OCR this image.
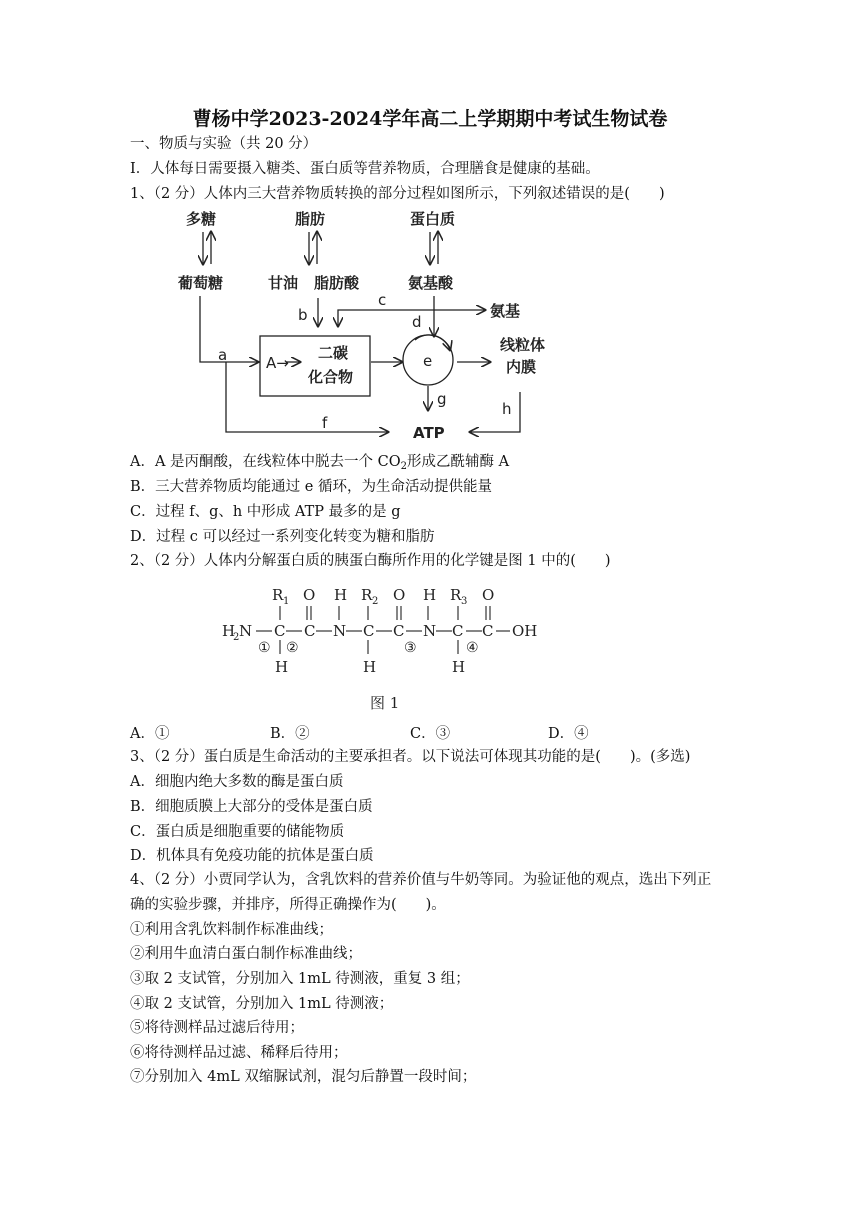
曹杨中学2023-2024学年高二上学期期中考试生物试卷
一、物质与实验（共 20 分）
Ⅰ．人体每日需要摄入糖类、蛋白质等营养物质，合理膳食是健康的基础。
1、（2 分）人体内三大营养物质转换的部分过程如图所示，下列叙述错误的是(　　)
多糖	脂肪	蛋白质
葡萄糖	甘油 脂肪酸	氨基酸
氨基
线粒体
内膜
ATP
A→
二碳
化合物
a
b
c
d
e
f
g
h
A．A 是丙酮酸，在线粒体中脱去一个 $CO_2$形成乙酰辅酶 A
B．三大营养物质均能通过 e 循环，为生命活动提供能量
C．过程 f、g、h 中形成 ATP 最多的是 g
D．过程 c 可以经过一系列变化转变为糖和脂肪
2、（2 分）人体内分解蛋白质的胰蛋白酶所作用的化学键是图 1 中的(　　)
H
2 N C C N C C N C C OH
R 1 O H R 2 O H R 3 O
H	H	H
① ②	③	④
图 1
A．①	B．②	C．③	D．④
3、（2 分）蛋白质是生命活动的主要承担者。以下说法可体现其功能的是(　　)。(多选)
A．细胞内绝大多数的酶是蛋白质
B．细胞质膜上大部分的受体是蛋白质
C．蛋白质是细胞重要的储能物质
D．机体具有免疫功能的抗体是蛋白质
4、（2 分）小贾同学认为，含乳饮料的营养价值与牛奶等同。为验证他的观点，选出下列正
确的实验步骤，并排序，所得正确操作为(　　)。
①利用含乳饮料制作标准曲线；
②利用牛血清白蛋白制作标准曲线；
③取 2 支试管，分别加入 1mL 待测液，重复 3 组；
④取 2 支试管，分别加入 1mL 待测液；
⑤将待测样品过滤后待用；
⑥将待测样品过滤、稀释后待用；
⑦分别加入 4mL 双缩脲试剂，混匀后静置一段时间；
